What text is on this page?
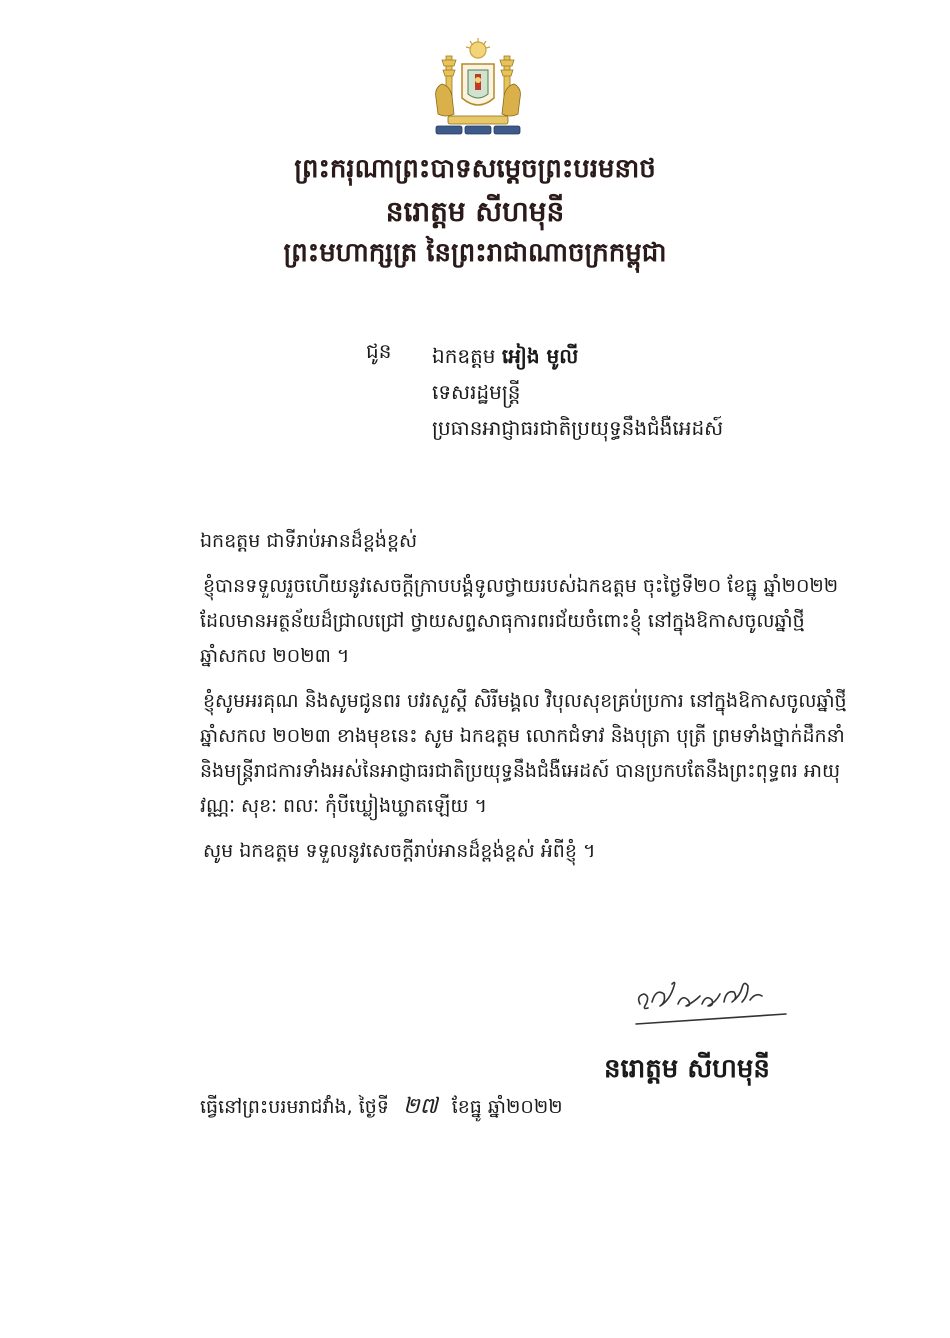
ព្រះករុណាព្រះបាទសម្តេចព្រះបរមនាថ
នរោត្តម សីហមុនី
ព្រះមហាក្សត្រ នៃព្រះរាជាណាចក្រកម្ពុជា
ជូន ឯកឧត្តម អៀង មូលី
ទេសរដ្ឋមន្ត្រី
ប្រធានអាជ្ញាធរជាតិប្រយុទ្ធនឹងជំងឺអេដស៍

ឯកឧត្តម ជាទីរាប់អានដ៏ខ្ពង់ខ្ពស់

ខ្ញុំបានទទួលរួចហើយនូវសេចក្តីក្រាបបង្គំទូលថ្វាយរបស់ឯកឧត្តម ចុះថ្ងៃទី២០ ខែធ្នូ ឆ្នាំ២០២២ ដែលមានអត្ថន័យដ៏ជ្រាលជ្រៅ ថ្វាយសព្ទសាធុការពរជ័យចំពោះខ្ញុំ នៅក្នុងឱកាសចូលឆ្នាំថ្មី ឆ្នាំសកល ២០២៣ ។

ខ្ញុំសូមអរគុណ និងសូមជូនពរ បវរសួស្តី សិរីមង្គល វិបុលសុខគ្រប់ប្រការ នៅក្នុងឱកាសចូលឆ្នាំថ្មី ឆ្នាំសកល ២០២៣ ខាងមុខនេះ សូម ឯកឧត្តម លោកជំទាវ និងបុត្រា បុត្រី ព្រមទាំងថ្នាក់ដឹកនាំ និងមន្ត្រីរាជការទាំងអស់នៃអាជ្ញាធរជាតិប្រយុទ្ធនឹងជំងឺអេដស៍ បានប្រកបតែនឹងព្រះពុទ្ធពរ អាយុ វណ្ណៈ សុខៈ ពលៈ កុំបីឃ្លៀងឃ្លាតឡើយ ។

សូម ឯកឧត្តម ទទួលនូវសេចក្តីរាប់អានដ៏ខ្ពង់ខ្ពស់ អំពីខ្ញុំ ។

នរោត្តម សីហមុនី
ធ្វើនៅព្រះបរមរាជវាំង, ថ្ងៃទី ២៧ ខែធ្នូ ឆ្នាំ២០២២
